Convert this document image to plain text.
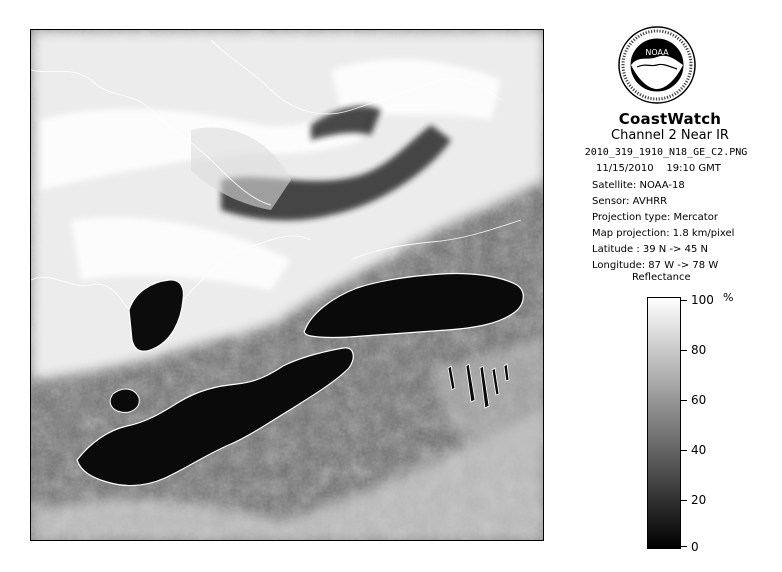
NOAA
CoastWatch
Channel 2 Near IR
2010_319_1910_N18_GE_C2.PNG
11/15/2010 19:10 GMT
Satellite: NOAA-18
Sensor: AVHRR
Projection type: Mercator
Map projection: 1.8 km/pixel
Latitude : 39 N -> 45 N
Longitude: 87 W -> 78 W
Reflectance
%
100
80
60
40
20
0
